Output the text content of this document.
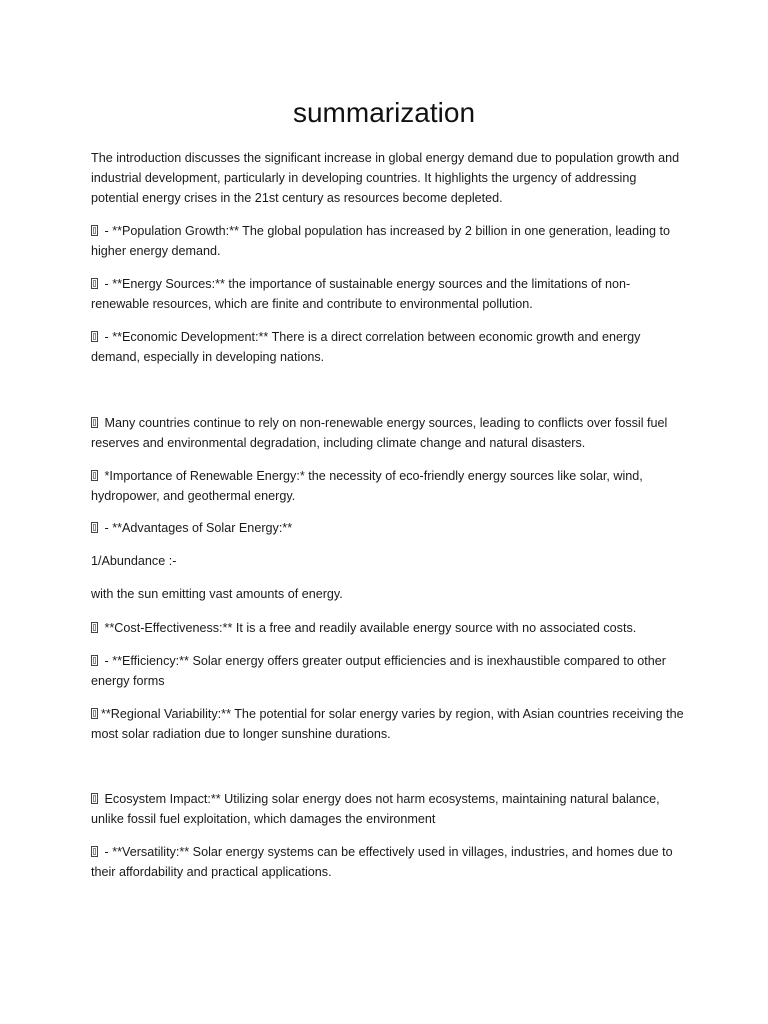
summarization

The introduction discusses the significant increase in global energy demand due to population growth and industrial development, particularly in developing countries. It highlights the urgency of addressing potential energy crises in the 21st century as resources become depleted.

- **Population Growth:** The global population has increased by 2 billion in one generation, leading to higher energy demand.

- **Energy Sources:** the importance of sustainable energy sources and the limitations of non-renewable resources, which are finite and contribute to environmental pollution.

- **Economic Development:** There is a direct correlation between economic growth and energy demand, especially in developing nations.

Many countries continue to rely on non-renewable energy sources, leading to conflicts over fossil fuel reserves and environmental degradation, including climate change and natural disasters.

*Importance of Renewable Energy:* the necessity of eco-friendly energy sources like solar, wind, hydropower, and geothermal energy.

- **Advantages of Solar Energy:**

1/Abundance :-

with the sun emitting vast amounts of energy.

**Cost-Effectiveness:** It is a free and readily available energy source with no associated costs.

- **Efficiency:** Solar energy offers greater output efficiencies and is inexhaustible compared to other energy forms

**Regional Variability:** The potential for solar energy varies by region, with Asian countries receiving the most solar radiation due to longer sunshine durations.

Ecosystem Impact:** Utilizing solar energy does not harm ecosystems, maintaining natural balance, unlike fossil fuel exploitation, which damages the environment

- **Versatility:** Solar energy systems can be effectively used in villages, industries, and homes due to their affordability and practical applications.
